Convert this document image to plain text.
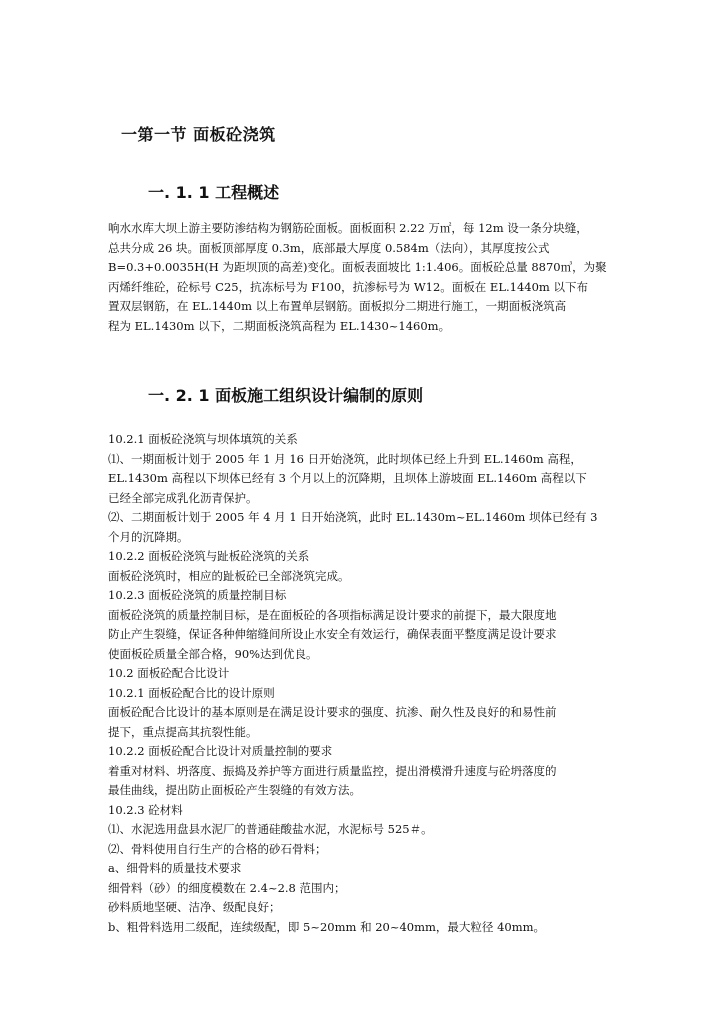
一第一节 面板砼浇筑
一. 1. 1 工程概述

响水水库大坝上游主要防渗结构为钢筋砼面板。面板面积 2.22 万㎡，每 12m 设一条分块缝，

总共分成 26 块。面板顶部厚度 0.3m，底部最大厚度 0.584m（法向），其厚度按公式

B=0.3+0.0035H(H 为距坝顶的高差)变化。面板表面坡比 1:1.406。面板砼总量 8870㎥，为聚

丙烯纤维砼，砼标号 C25，抗冻标号为 F100，抗渗标号为 W12。面板在 EL.1440m 以下布

置双层钢筋，在 EL.1440m 以上布置单层钢筋。面板拟分二期进行施工，一期面板浇筑高

程为 EL.1430m 以下，二期面板浇筑高程为 EL.1430~1460m。

一. 2. 1 面板施工组织设计编制的原则

10.2.1 面板砼浇筑与坝体填筑的关系

⑴、一期面板计划于 2005 年 1 月 16 日开始浇筑，此时坝体已经上升到 EL.1460m 高程，

EL.1430m 高程以下坝体已经有 3 个月以上的沉降期，且坝体上游坡面 EL.1460m 高程以下

已经全部完成乳化沥青保护。

⑵、二期面板计划于 2005 年 4 月 1 日开始浇筑，此时 EL.1430m~EL.1460m 坝体已经有 3

个月的沉降期。

10.2.2 面板砼浇筑与趾板砼浇筑的关系

面板砼浇筑时，相应的趾板砼已全部浇筑完成。

10.2.3 面板砼浇筑的质量控制目标

面板砼浇筑的质量控制目标，是在面板砼的各项指标满足设计要求的前提下，最大限度地

防止产生裂缝，保证各种伸缩缝间所设止水安全有效运行，确保表面平整度满足设计要求

使面板砼质量全部合格，90%达到优良。

10.2 面板砼配合比设计

10.2.1 面板砼配合比的设计原则

面板砼配合比设计的基本原则是在满足设计要求的强度、抗渗、耐久性及良好的和易性前

提下，重点提高其抗裂性能。

10.2.2 面板砼配合比设计对质量控制的要求

着重对材料、坍落度、振捣及养护等方面进行质量监控，提出滑模滑升速度与砼坍落度的

最佳曲线，提出防止面板砼产生裂缝的有效方法。

10.2.3 砼材料

⑴、水泥选用盘县水泥厂的普通硅酸盐水泥，水泥标号 525＃。

⑵、骨料使用自行生产的合格的砂石骨料；

a、细骨料的质量技术要求

细骨料（砂）的细度模数在 2.4~2.8 范围内；

砂料质地坚硬、洁净、级配良好；

b、粗骨料选用二级配，连续级配，即 5~20mm 和 20~40mm，最大粒径 40mm。
